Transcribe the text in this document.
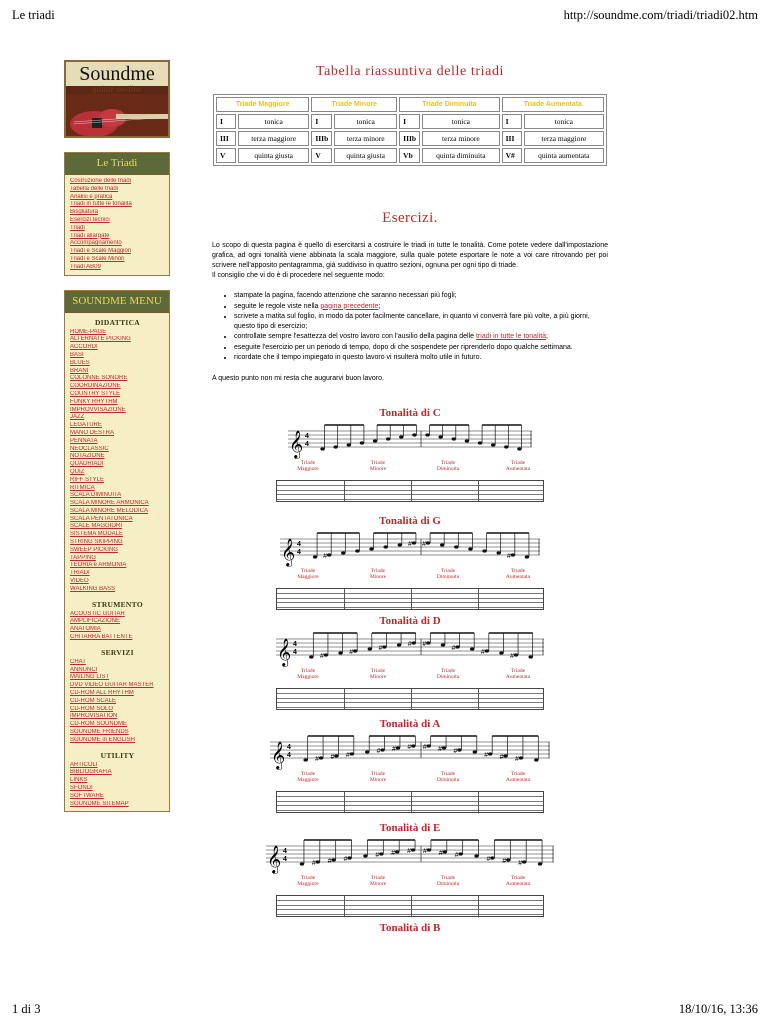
Le triadi	http://soundme.com/triadi/triadi02.htm
Soundme
guitar on-line
Le Triadi
Costruzione delle triadi
Tabella delle triadi
Analisi e pratica
Triadi in tutte le tonalità
Bisgliatura
Esercizi tecnici
Triadi
Triadi allargate
Accompagnamento
Triadi e Scale Maggiori
Triadi e Scale Minori
Triadi AB09
SOUNDME MENU
DIDATTICA
HOME-PAGE
ALTERNATE PICKING
ACCORDI
BASI
BLUES
BRANI
COLONNE SONORE
COORDINAZIONE
COUNTRY STYLE
FUNKY RHYTHM
IMPROVVISAZIONE
JAZZ
LEGATURE
MANO DESTRA
PENNATA
NEOCLASSIC
NOTAZIONE
QUADRIADI
QUIZ
RIFF STYLE
RITMICA
SCALA DIMINUITA
SCALA MINORE ARMONICA
SCALA MINORE MELODICA
SCALA PENTATONICA
SCALE MAGGIORI
SISTEMA MODALE
STRING SKIPPING
SWEEP PICKING
TAPPING
TEORIA e ARMONIA
TRIADI
VIDEO
WALKING BASS
STRUMENTO
ACOUSTIC GUITAR
AMPLIFICAZIONE
ANATOMIA
CHITARRA BATTENTE
SERVIZI
CHAT
ANNUNCI
MAILING LIST
DVD VIDEO GUITAR MASTER
CD-ROM ALL RHYTHM
CD-ROM SCALE
CD-ROM SOLO
IMPROVISATION
CD-ROM SOUNDME
SOUNDME FRIENDS
SOUNDME in ENGLISH
UTILITY
ARTICOLI
BIBLIOGRAFIA
LINKS
SFONDI
SOFTWARE
SOUNDME SITEMAP
Tabella riassuntiva delle triadi
Triade Maggiore		Triade Minore		Triade Diminuita		Triade Aumentata	
I	tonica	I	tonica	I	tonica	I	tonica
III	terza maggiore	IIIb	terza minore	IIIb	terza minore	III	terza maggiore
V	quinta giusta	V	quinta giusta	Vb	quinta diminuita	V#	quinta aumentata
Esercizi.

Lo scopo di questa pagina è quello di esercitarsi a costruire le triadi in tutte le tonalità. Come potete vedere dall'impostazione grafica, ad ogni tonalità viene abbinata la scala maggiore, sulla quale potete esportare le note a voi care ritrovando per poi scrivere nell'apposito pentagramma, già suddiviso in quattro sezioni, ognuna per ogni tipo di triade.
Il consiglio che vi do è di procedere nel seguente modo:

• stampate la pagina, facendo attenzione che saranno necessari più fogli;
• seguite le regole viste nella pagina precedente;
• scrivete a matita sul foglio, in modo da poter facilmente cancellare, in quanto vi converrà fare più volte, a più giorni, questo tipo di esercizio;
• controllate sempre l'esattezza del vostro lavoro con l'ausilio della pagina delle triadi in tutte le tonalità;
• eseguite l'esercizio per un periodo di tempo, dopo di che sospendete per riprenderlo dopo qualche settimana.
• ricordate che il tempo impiegato in questo lavoro vi risulterà molto utile in futuro.

A questo punto non mi resta che augurarvi buon lavoro.

Tonalità di C
𝄞 4
4
Triade
Maggiore
Triade
Minore
Triade
Diminuita
Triade
Aumentata
Tonalità di G
𝄞 4
4
#
# #
#
Triade
Maggiore
Triade
Minore
Triade
Diminuita
Triade
Aumentata
Tonalità di D
𝄞 4
4
#
#
#
# #
#
#
#
Triade
Maggiore
Triade
Minore
Triade
Diminuita
Triade
Aumentata
Tonalità di A
𝄞 4
4
# # #
# # # # # #
# # #
Triade
Maggiore
Triade
Minore
Triade
Diminuita
Triade
Aumentata
Tonalità di E
𝄞 4
4
# # #
# # # # # #
# # #
Triade
Maggiore
Triade
Minore
Triade
Diminuita
Triade
Aumentata
Tonalità di B
1 di 3	18/10/16, 13:36
